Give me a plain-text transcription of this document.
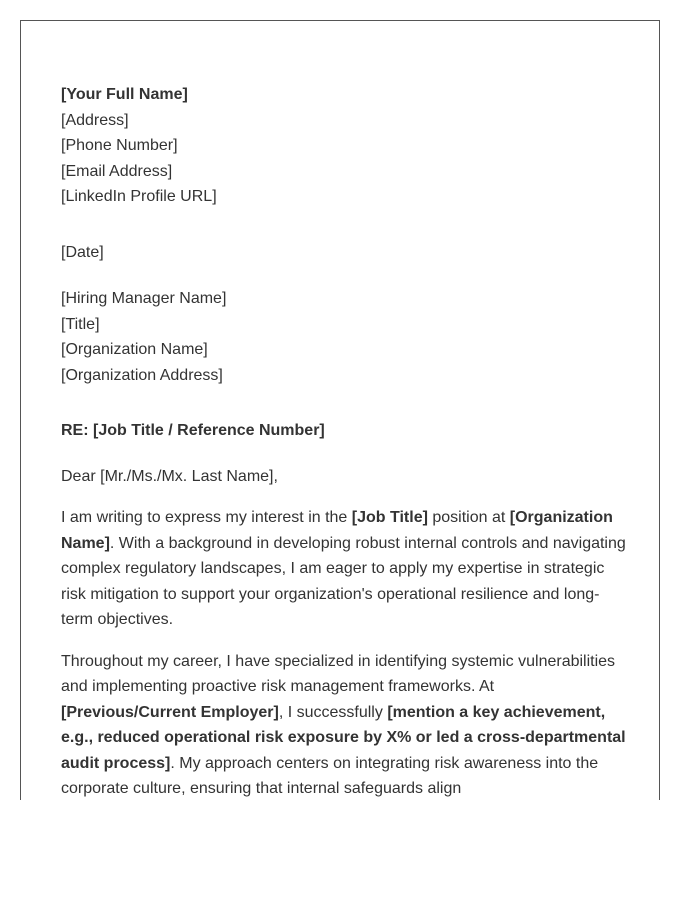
[Your Full Name]
[Address]
[Phone Number]
[Email Address]
[LinkedIn Profile URL]
[Date]
[Hiring Manager Name]
[Title]
[Organization Name]
[Organization Address]
RE: [Job Title / Reference Number]
Dear [Mr./Ms./Mx. Last Name],

I am writing to express my interest in the [Job Title] position at [Organization Name]. With a background in developing robust internal controls and navigating complex regulatory landscapes, I am eager to apply my expertise in strategic risk mitigation to support your organization's operational resilience and long-term objectives.

Throughout my career, I have specialized in identifying systemic vulnerabilities and implementing proactive risk management frameworks. At [Previous/Current Employer], I successfully [mention a key achievement, e.g., reduced operational risk exposure by X% or led a cross-departmental audit process]. My approach centers on integrating risk awareness into the corporate culture, ensuring that internal safeguards align
